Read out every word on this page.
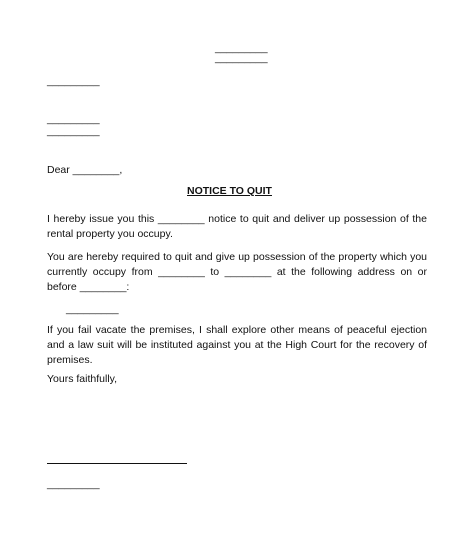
_________
_________
_________
_________
_________
Dear ________,
NOTICE TO QUIT
I hereby issue you this ________ notice to quit and deliver up possession of the rental property you occupy.
You are hereby required to quit and give up possession of the property which you currently occupy from ________ to ________ at the following address on or before ________:
_________
If you fail vacate the premises, I shall explore other means of peaceful ejection and a law suit will be instituted against you at the High Court for the recovery of premises.
Yours faithfully,
_________
